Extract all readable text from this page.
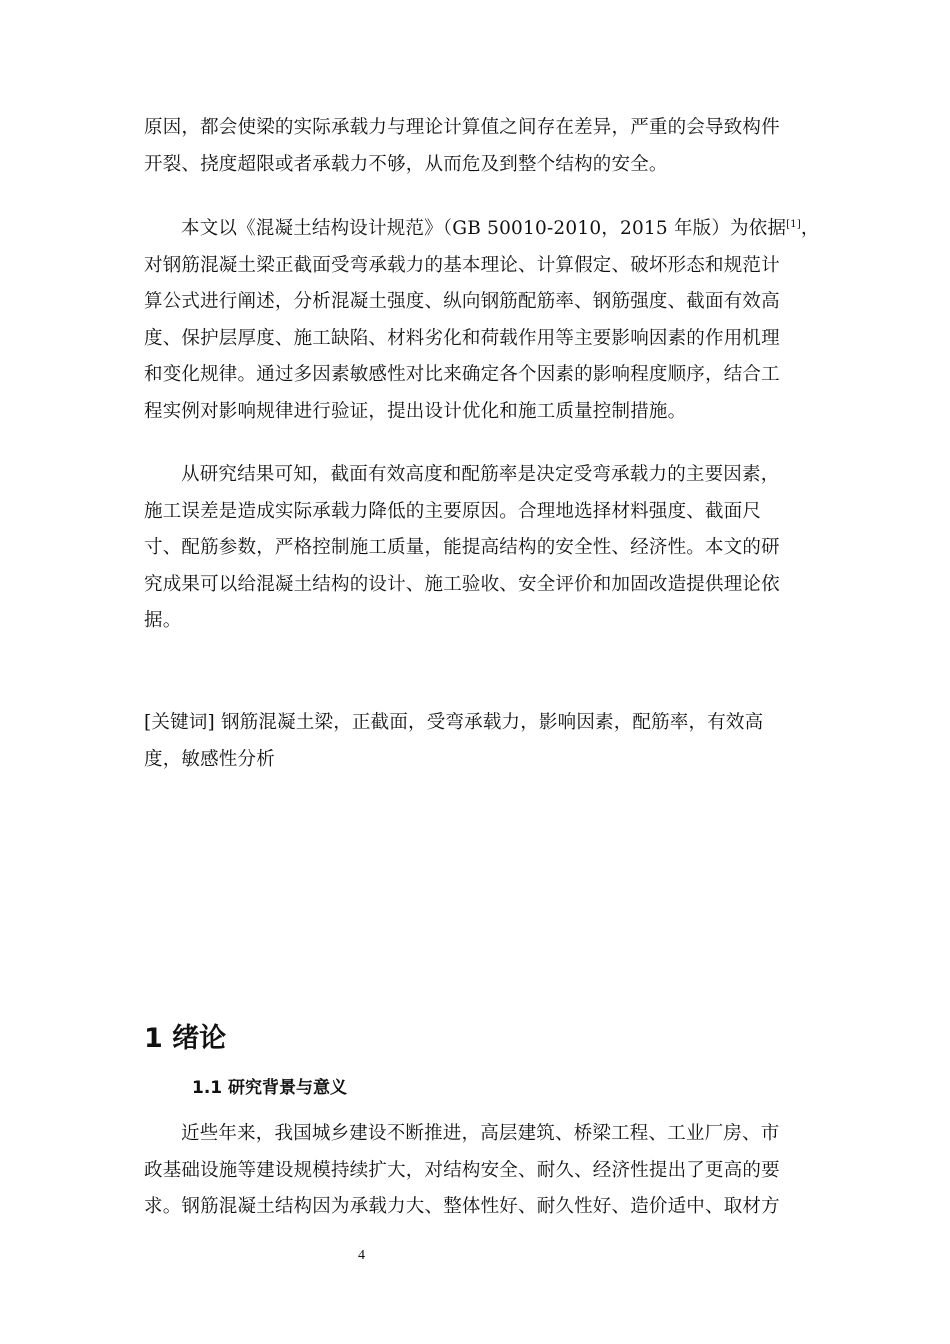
原因，都会使梁的实际承载力与理论计算值之间存在差异，严重的会导致构件
开裂、挠度超限或者承载力不够，从而危及到整个结构的安全。
本文以《混凝土结构设计规范》（GB 50010-2010，2015 年版）为依据[1]，
对钢筋混凝土梁正截面受弯承载力的基本理论、计算假定、破坏形态和规范计
算公式进行阐述，分析混凝土强度、纵向钢筋配筋率、钢筋强度、截面有效高
度、保护层厚度、施工缺陷、材料劣化和荷载作用等主要影响因素的作用机理
和变化规律。通过多因素敏感性对比来确定各个因素的影响程度顺序，结合工
程实例对影响规律进行验证，提出设计优化和施工质量控制措施。
从研究结果可知，截面有效高度和配筋率是决定受弯承载力的主要因素，
施工误差是造成实际承载力降低的主要原因。合理地选择材料强度、截面尺
寸、配筋参数，严格控制施工质量，能提高结构的安全性、经济性。本文的研
究成果可以给混凝土结构的设计、施工验收、安全评价和加固改造提供理论依
据。
[关键词] 钢筋混凝土梁，正截面，受弯承载力，影响因素，配筋率，有效高
度，敏感性分析
1 绪论
1.1 研究背景与意义
近些年来，我国城乡建设不断推进，高层建筑、桥梁工程、工业厂房、市
政基础设施等建设规模持续扩大，对结构安全、耐久、经济性提出了更高的要
求。钢筋混凝土结构因为承载力大、整体性好、耐久性好、造价适中、取材方

4
